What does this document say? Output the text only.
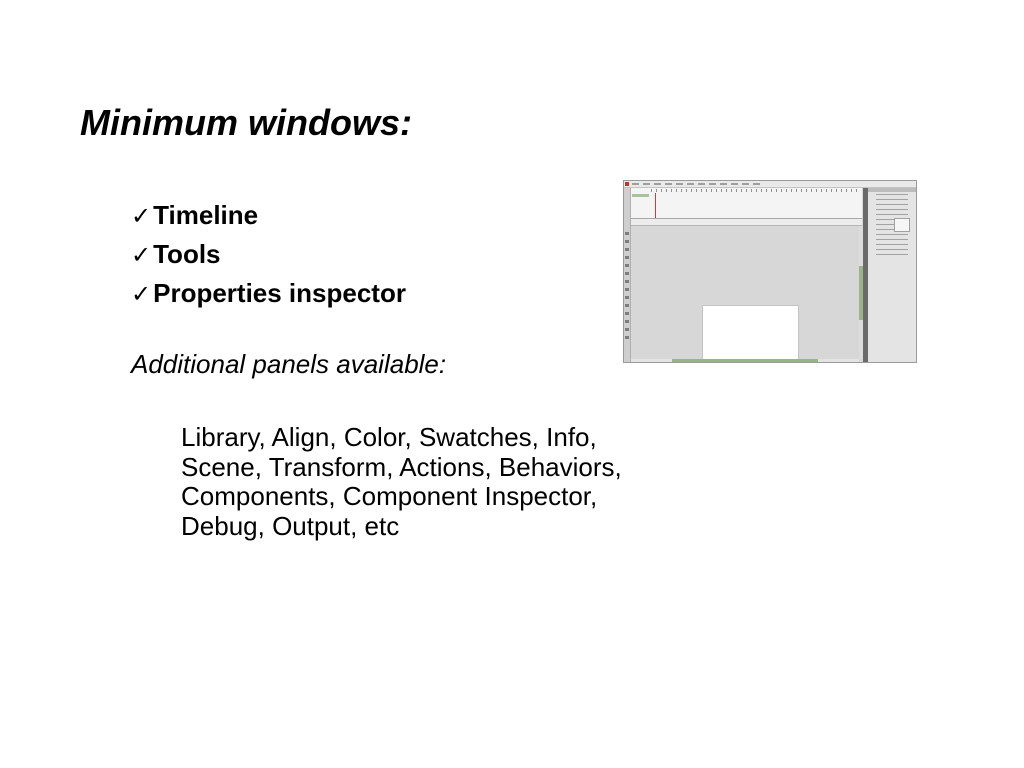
Minimum windows:
✓ Timeline
✓ Tools
✓ Properties inspector

Additional panels available:

Library, Align, Color, Swatches, Info, Scene, Transform, Actions, Behaviors, Components, Component Inspector, Debug, Output, etc
